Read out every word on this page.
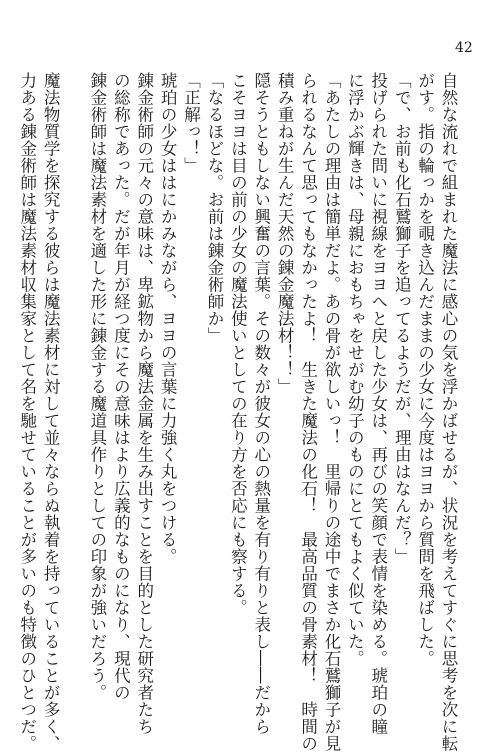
42
自然な流れで組まれた魔法に感心の気を浮かばせるが、状況を考えてすぐに思考を次に転
がす。指の輪っかを覗き込んだままの少女に今度はヨヨから質問を飛ばした。
「で、お前も化石鷲獅子を追ってるようだが、理由はなんだ？」
投げられた問いに視線をヨヨへと戻した少女は、再びの笑顔で表情を染める。琥珀の瞳
に浮かぶ輝きは、母親におもちゃをせがむ幼子のものにとてもよく似ていた。
「あたしの理由は簡単だよ。あの骨が欲しいっ！　里帰りの途中でまさか化石鷲獅子が見
られるなんて思ってもなかったよ！　生きた魔法の化石！　最高品質の骨素材！　時間の
積み重ねが生んだ天然の錬金魔法材！！」
隠そうともしない興奮の言葉。その数々が彼女の心の熱量を有り有りと表し――だから
こそヨヨは目の前の少女の魔法使いとしての在り方を否応にも察する。
「なるほどな。お前は錬金術師か」
「正解っ！」
琥珀の少女ははにかみながら、ヨヨの言葉に力強く丸をつける。
錬金術師の元々の意味は、卑鉱物から魔法金属を生み出すことを目的とした研究者たち
の総称であった。だが年月が経つ度にその意味はより広義的なものになり、現代の
錬金術師は魔法素材を適した形に錬金する魔道具作りとしての印象が強いだろう。
魔法物質学を探究する彼らは魔法素材に対して並々ならぬ執着を持っていることが多く、
力ある錬金術師は魔法素材収集家として名を馳せていることが多いのも特徴のひとつだ。
